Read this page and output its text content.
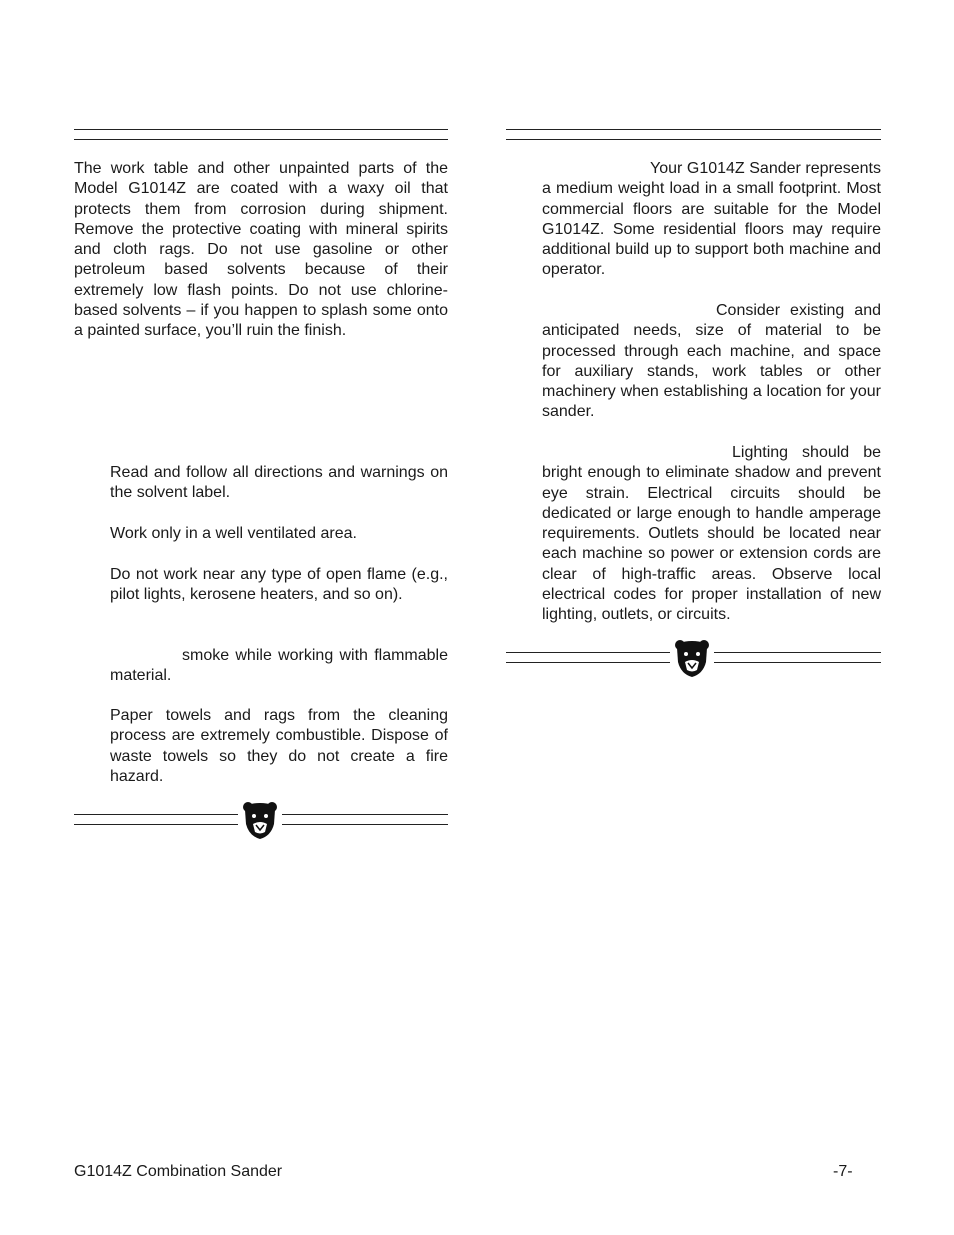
The work table and other unpainted parts of the Model G1014Z are coated with a waxy oil that protects them from corrosion during shipment. Remove the protective coating with mineral spirits and cloth rags. Do not use gasoline or other petroleum based solvents because of their extremely low flash points. Do not use chlorine-based solvents – if you happen to splash some onto a painted surface, you’ll ruin the finish.

Read and follow all directions and warnings on the solvent label.

Work only in a well ventilated area.

Do not work near any type of open flame (e.g., pilot lights, kerosene heaters, and so on).

smoke while working with flammable material.

Paper towels and rags from the cleaning process are extremely combustible. Dispose of waste towels so they do not create a fire hazard.

Your G1014Z Sander represents a medium weight load in a small footprint. Most commercial floors are suitable for the Model G1014Z. Some residential floors may require additional build up to support both machine and operator.

Consider existing and anticipated needs, size of material to be processed through each machine, and space for auxiliary stands, work tables or other machinery when establishing a location for your sander.

Lighting should be bright enough to eliminate shadow and prevent eye strain. Electrical circuits should be dedicated or large enough to handle amperage requirements. Outlets should be located near each machine so power or extension cords are clear of high-traffic areas. Observe local electrical codes for proper installation of new lighting, outlets, or circuits.

G1014Z Combination Sander	-7-
